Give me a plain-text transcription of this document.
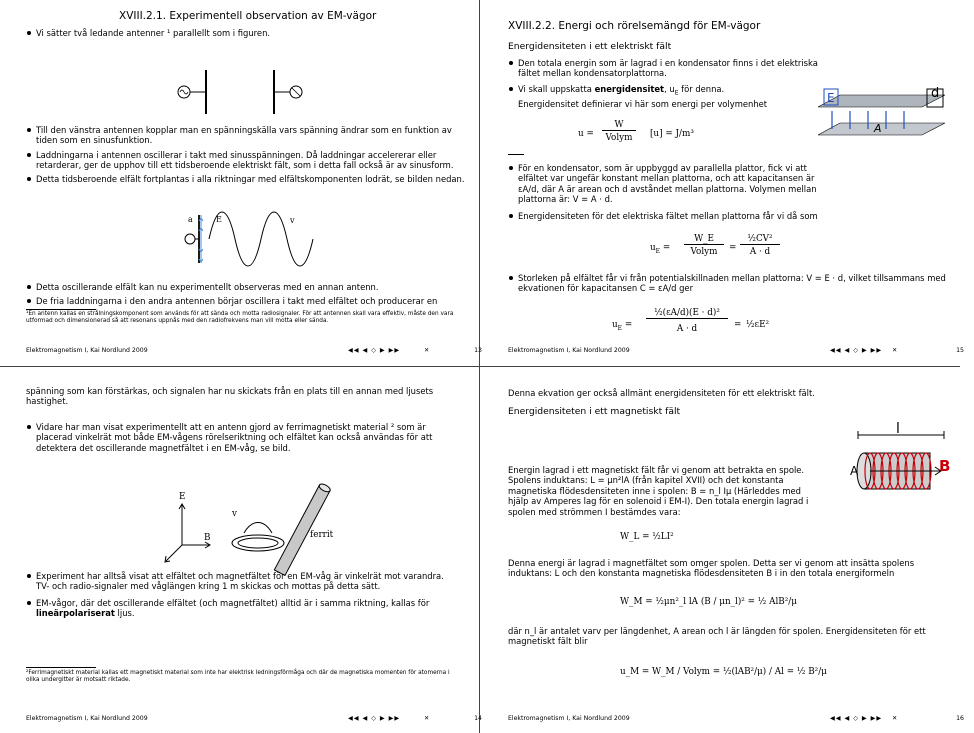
XVIII.2.1. Experimentell observation av EM-vägor
Vi sätter två ledande antenner ¹ parallellt som i figuren.
Till den vänstra antennen kopplar man en spänningskälla vars spänning ändrar som en funktion av tiden som en sinusfunktion.
Laddningarna i antennen oscillerar i takt med sinusspänningen. Då laddningar accelererar eller retarderar, ger de upphov till ett tidsberoende elektriskt fält, som i detta fall också är av sinusform.
Detta tidsberoende elfält fortplantas i alla riktningar med elfältskomponenten lodrät, se bilden nedan.
a	E	v
Detta oscillerande elfält kan nu experimentellt observeras med en annan antenn.
De fria laddningarna i den andra antennen börjar oscillera i takt med elfältet och producerar en
¹En antenn kallas en strålningskomponent som används för att sända och motta radiosignaler. För att antennen skall vara effektiv, måste den vara utformad och dimensionerad så att resonans uppnås med den radiofrekvens man vill motta eller sända.
Elektromagnetism I, Kai Nordlund 2009	◀◀ ◀ ◇ ▶ ▶▶	✕	13
XVIII.2.2. Energi och rörelsemängd för EM-vägor
Energidensiteten i ett elektriskt fält
Den totala energin som är lagrad i en kondensator finns i det elektriska fältet mellan kondensatorplattorna.
Vi skall uppskatta energidensitet, $u_E$ för denna. Energidensitet definierar vi här som energi per volymenhet	E
A
d
u =
W
Volym	[u] = J/m³
För en kondensator, som är uppbyggd av parallella plattor, fick vi att elfältet var ungefär konstant mellan plattorna, och att kapacitansen är εA/d, där A är arean och d avståndet mellan plattorna. Volymen mellan plattorna är: V = A · d.
Energidensiteten för det elektriska fältet mellan plattorna får vi då som
$u_E$ =
W_E
Volym	=
½CV²
A · d
Storleken på elfältet får vi från potentialskillnaden mellan plattorna: V = E · d, vilket tillsammans med ekvationen för kapacitansen C = εA/d ger
$u_E$ =
½(εA/d)(E · d)²
A · d	= ½εE²
Elektromagnetism I, Kai Nordlund 2009	◀◀ ◀ ◇ ▶ ▶▶ ✕	15
spänning som kan förstärkas, och signalen har nu skickats från en plats till en annan med ljusets hastighet.
Vidare har man visat experimentellt att en antenn gjord av ferrimagnetiskt material ² som är placerad vinkelrät mot både EM-vågens rörelseriktning och elfältet kan också användas för att detektera det oscillerande magnetfältet i en EM-våg, se bild.
E
v
B	ferrit
Experiment har alltså visat att elfältet och magnetfältet för en EM-våg är vinkelrät mot varandra. TV- och radio-signaler med våglängen kring 1 m skickas och mottas på detta sätt.
EM-vågor, där det oscillerande elfältet (och magnetfältet) alltid är i samma riktning, kallas för lineärpolariserat ljus.
²Ferrimagnetiskt material kallas ett magnetiskt material som inte har elektrisk ledningsförmåga och där de magnetiska momenten för atomerna i olika undergitter är motsatt riktade.
Elektromagnetism I, Kai Nordlund 2009	◀◀ ◀ ◇ ▶ ▶▶	✕	14
Denna ekvation ger också allmänt energidensiteten för ett elektriskt fält.
Energidensiteten i ett magnetiskt fält
l
A	B
Energin lagrad i ett magnetiskt fält får vi genom att betrakta en spole. Spolens induktans: L = μn²lA (från kapitel XVII) och det konstanta magnetiska flödesdensiteten inne i spolen: B = n_l Iμ (Härleddes med hjälp av Amperes lag för en solenoid i EM-I). Den totala energin lagrad i spolen med strömmen I bestämdes vara:
W_L = ½LI²
Denna energi är lagrad i magnetfältet som omger spolen. Detta ser vi genom att insätta spolens induktans: L och den konstanta magnetiska flödesdensiteten B i in den totala energiformeln
W_M = ½μn²_l lA (B / μn_l)² = ½ AlB²/μ
där n_l är antalet varv per längdenhet, A arean och l är längden för spolen. Energidensiteten för ett magnetiskt fält blir
u_M = W_M / Volym = ½(lAB²/μ) / Al = ½ B²/μ
Elektromagnetism I, Kai Nordlund 2009	◀◀ ◀ ◇ ▶ ▶▶ ✕	16
